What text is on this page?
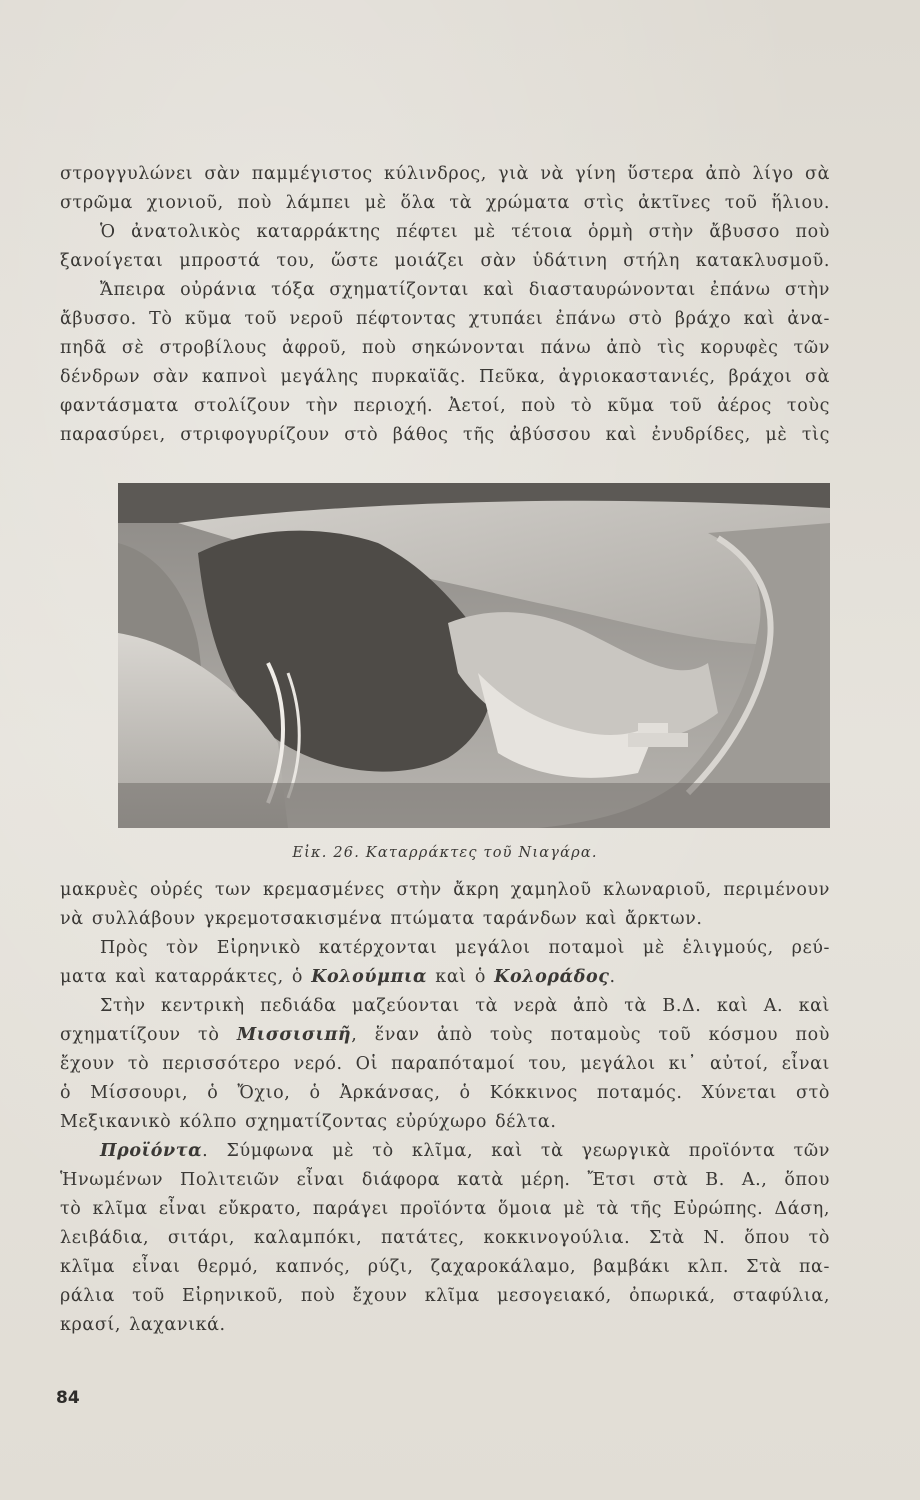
στρογγυλώνει σὰν παμμέγιστος κύλινδρος, γιὰ νὰ γίνη ὕστερα ἀπὸ λίγο σὰ
στρῶμα χιονιοῦ, ποὺ λάμπει μὲ ὅλα τὰ χρώματα στὶς ἀκτῖνες τοῦ ἥλιου.
Ὁ ἀνατολικὸς καταρράκτης πέφτει μὲ τέτοια ὁρμὴ στὴν ἄβυσσο ποὺ
ξανοίγεται μπροστά του, ὥστε μοιάζει σὰν ὑδάτινη στήλη κατακλυσμοῦ.
Ἄπειρα οὐράνια τόξα σχηματίζονται καὶ διασταυρώνονται ἐπάνω στὴν
ἄβυσσο. Τὸ κῦμα τοῦ νεροῦ πέφτοντας χτυπάει ἐπάνω στὸ βράχο καὶ ἀνα-
πηδᾶ σὲ στροβίλους ἀφροῦ, ποὺ σηκώνονται πάνω ἀπὸ τὶς κορυφὲς τῶν
δένδρων σὰν καπνοὶ μεγάλης πυρκαϊᾶς. Πεῦκα, ἀγριοκαστανιές, βράχοι σὰ
φαντάσματα στολίζουν τὴν περιοχή. Ἀετοί, ποὺ τὸ κῦμα τοῦ ἀέρος τοὺς
παρασύρει, στριφογυρίζουν στὸ βάθος τῆς ἀβύσσου καὶ ἐνυδρίδες, μὲ τὶς
Εἰκ. 26. Καταρράκτες τοῦ Νιαγάρα.
μακρυὲς οὐρές των κρεμασμένες στὴν ἄκρη χαμηλοῦ κλωναριοῦ, περιμένουν
νὰ συλλάβουν γκρεμοτσακισμένα πτώματα ταράνδων καὶ ἄρκτων.
Πρὸς τὸν Εἰρηνικὸ κατέρχονται μεγάλοι ποταμοὶ μὲ ἑλιγμούς, ρεύ-
ματα καὶ καταρράκτες, ὁ Κολούμπια καὶ ὁ Κολοράδος.
Στὴν κεντρικὴ πεδιάδα μαζεύονται τὰ νερὰ ἀπὸ τὰ Β.Δ. καὶ Α. καὶ
σχηματίζουν τὸ Μισσισιπῆ, ἕναν ἀπὸ τοὺς ποταμοὺς τοῦ κόσμου ποὺ
ἔχουν τὸ περισσότερο νερό. Οἱ παραπόταμοί του, μεγάλοι κι᾿ αὐτοί, εἶναι
ὁ Μίσσουρι, ὁ Ὄχιο, ὁ Ἀρκάνσας, ὁ Κόκκινος ποταμός. Χύνεται στὸ
Μεξικανικὸ κόλπο σχηματίζοντας εὐρύχωρο δέλτα.
Προϊόντα. Σύμφωνα μὲ τὸ κλῖμα, καὶ τὰ γεωργικὰ προϊόντα τῶν
Ἡνωμένων Πολιτειῶν εἶναι διάφορα κατὰ μέρη. Ἔτσι στὰ Β. Α., ὅπου
τὸ κλῖμα εἶναι εὔκρατο, παράγει προϊόντα ὅμοια μὲ τὰ τῆς Εὐρώπης. Δάση,
λειβάδια, σιτάρι, καλαμπόκι, πατάτες, κοκκινογούλια. Στὰ Ν. ὅπου τὸ
κλῖμα εἶναι θερμό, καπνός, ρύζι, ζαχαροκάλαμο, βαμβάκι κλπ. Στὰ πα-
ράλια τοῦ Εἰρηνικοῦ, ποὺ ἔχουν κλῖμα μεσογειακό, ὀπωρικά, σταφύλια,
κρασί, λαχανικά.
84
